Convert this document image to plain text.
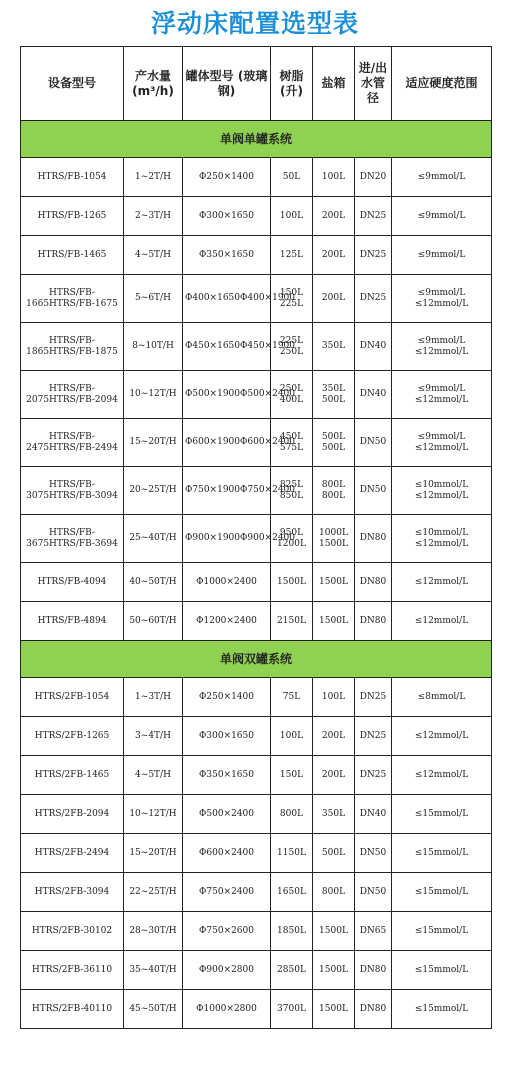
浮动床配置选型表
设备型号	产水量 (m³/h)	罐体型号 (玻璃钢)	树脂 (升)	盐箱	进/出水管径	适应硬度范围
单阀单罐系统						
HTRS/FB-1054	1~2T/H	Φ250×1400	50L	100L	DN20	≤9mmol/L
HTRS/FB-1265	2~3T/H	Φ300×1650	100L	200L	DN25	≤9mmol/L
HTRS/FB-1465	4~5T/H	Φ350×1650	125L	200L	DN25	≤9mmol/L
HTRS/FB-1665HTRS/FB-1675	5~6T/H	Φ400×1650Φ400×1900	150L 225L	200L	DN25	≤9mmol/L ≤12mmol/L
HTRS/FB-1865HTRS/FB-1875	8~10T/H	Φ450×1650Φ450×1900	225L 250L	350L	DN40	≤9mmol/L ≤12mmol/L
HTRS/FB-2075HTRS/FB-2094	10~12T/H	Φ500×1900Φ500×2400	250L 400L	350L 500L	DN40	≤9mmol/L ≤12mmol/L
HTRS/FB-2475HTRS/FB-2494	15~20T/H	Φ600×1900Φ600×2400	450L 575L	500L 500L	DN50	≤9mmol/L ≤12mmol/L
HTRS/FB-3075HTRS/FB-3094	20~25T/H	Φ750×1900Φ750×2400	825L 850L	800L 800L	DN50	≤10mmol/L ≤12mmol/L
HTRS/FB-3675HTRS/FB-3694	25~40T/H	Φ900×1900Φ900×2400	950L 1200L	1000L 1500L	DN80	≤10mmol/L ≤12mmol/L
HTRS/FB-4094	40~50T/H	Φ1000×2400	1500L	1500L	DN80	≤12mmol/L
HTRS/FB-4894	50~60T/H	Φ1200×2400	2150L	1500L	DN80	≤12mmol/L
单阀双罐系统						
HTRS/2FB-1054	1~3T/H	Φ250×1400	75L	100L	DN25	≤8mmol/L
HTRS/2FB-1265	3~4T/H	Φ300×1650	100L	200L	DN25	≤12mmol/L
HTRS/2FB-1465	4~5T/H	Φ350×1650	150L	200L	DN25	≤12mmol/L
HTRS/2FB-2094	10~12T/H	Φ500×2400	800L	350L	DN40	≤15mmol/L
HTRS/2FB-2494	15~20T/H	Φ600×2400	1150L	500L	DN50	≤15mmol/L
HTRS/2FB-3094	22~25T/H	Φ750×2400	1650L	800L	DN50	≤15mmol/L
HTRS/2FB-30102	28~30T/H	Φ750×2600	1850L	1500L	DN65	≤15mmol/L
HTRS/2FB-36110	35~40T/H	Φ900×2800	2850L	1500L	DN80	≤15mmol/L
HTRS/2FB-40110	45~50T/H	Φ1000×2800	3700L	1500L	DN80	≤15mmol/L
